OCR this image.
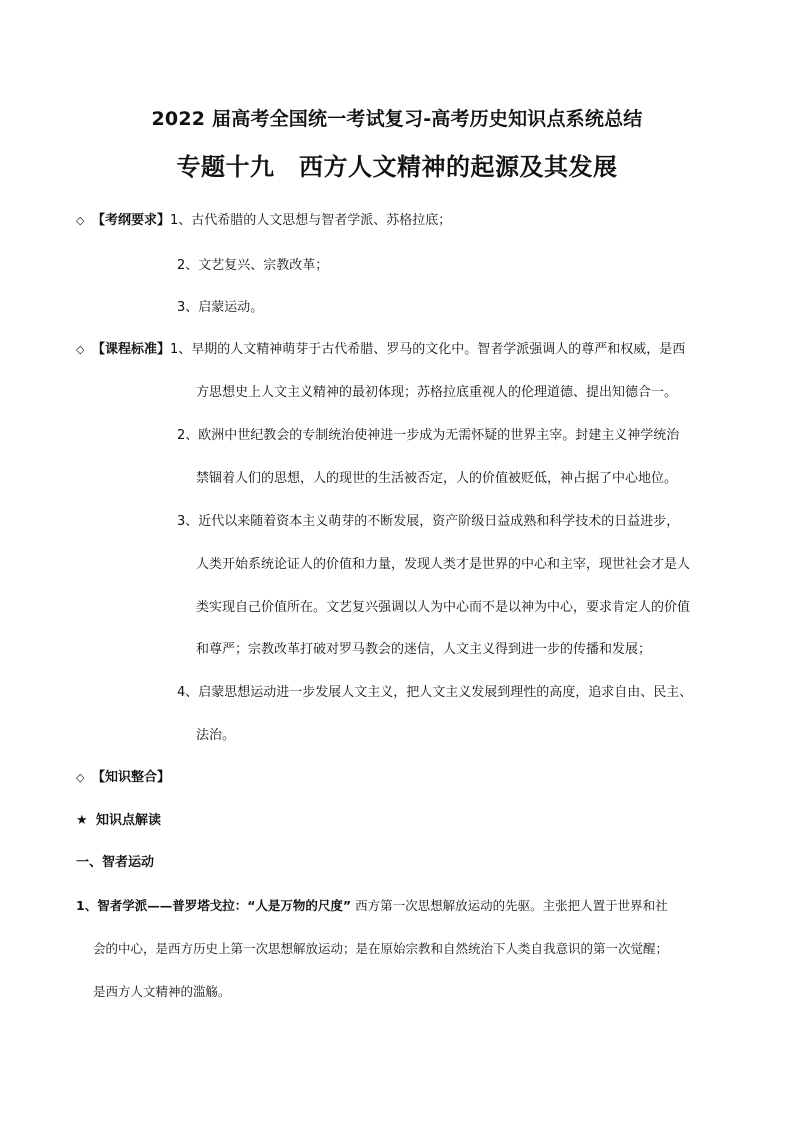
2022 届高考全国统一考试复习-高考历史知识点系统总结
专题十九　西方人文精神的起源及其发展
◇ 【考纲要求】1、古代希腊的人文思想与智者学派、苏格拉底；
2、文艺复兴、宗教改革；
3、启蒙运动。
◇ 【课程标准】1、早期的人文精神萌芽于古代希腊、罗马的文化中。智者学派强调人的尊严和权威，是西
方思想史上人文主义精神的最初体现；苏格拉底重视人的伦理道德、提出知德合一。
2、欧洲中世纪教会的专制统治使神进一步成为无需怀疑的世界主宰。封建主义神学统治
禁锢着人们的思想，人的现世的生活被否定，人的价值被贬低，神占据了中心地位。
3、近代以来随着资本主义萌芽的不断发展，资产阶级日益成熟和科学技术的日益进步，
人类开始系统论证人的价值和力量，发现人类才是世界的中心和主宰，现世社会才是人
类实现自己价值所在。文艺复兴强调以人为中心而不是以神为中心，要求肯定人的价值
和尊严；宗教改革打破对罗马教会的迷信，人文主义得到进一步的传播和发展；
4、启蒙思想运动进一步发展人文主义，把人文主义发展到理性的高度，追求自由、民主、
法治。
◇ 【知识整合】
★ 知识点解读
一、智者运动
1、智者学派——普罗塔戈拉：“人是万物的尺度” 西方第一次思想解放运动的先驱。主张把人置于世界和社
会的中心，是西方历史上第一次思想解放运动；是在原始宗教和自然统治下人类自我意识的第一次觉醒；
是西方人文精神的滥觞。
